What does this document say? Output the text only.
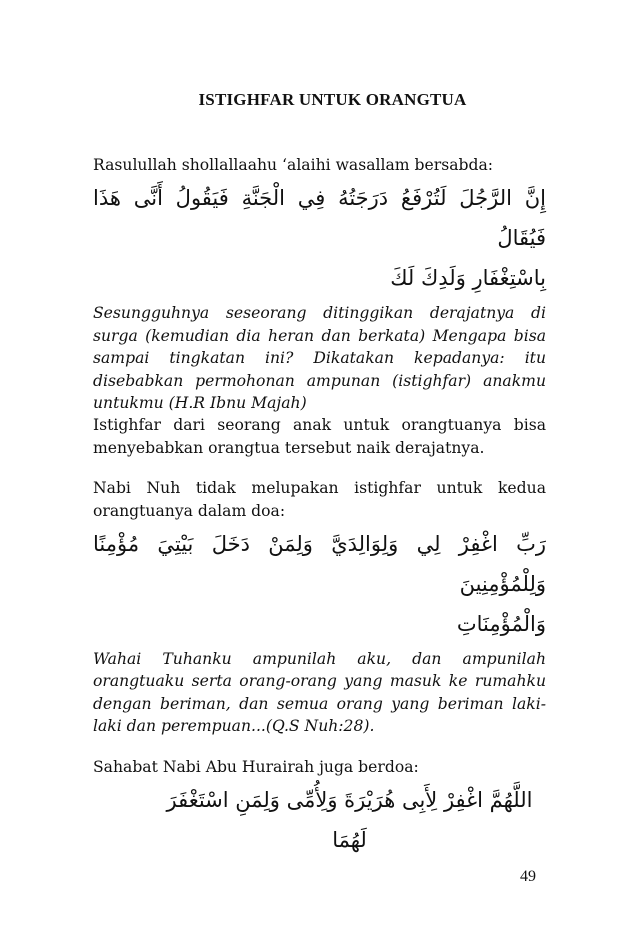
ISTIGHFAR UNTUK ORANGTUA

Rasulullah shollallaahu ‘alaihi wasallam bersabda:

إِنَّ الرَّجُلَ لَتُرْفَعُ دَرَجَتُهُ فِي الْجَنَّةِ فَيَقُولُ أَنَّى هَذَا فَيُقَالُ
بِاسْتِغْفَارِ وَلَدِكَ لَكَ

Sesungguhnya seseorang ditinggikan derajatnya di surga (kemudian dia heran dan berkata) Mengapa bisa sampai tingkatan ini? Dikatakan kepadanya: itu disebabkan permohonan ampunan (istighfar) anakmu untukmu (H.R Ibnu Majah)

Istighfar dari seorang anak untuk orangtuanya bisa menyebabkan orangtua tersebut naik derajatnya.

Nabi Nuh tidak melupakan istighfar untuk kedua orangtuanya dalam doa:

رَبِّ اغْفِرْ لِي وَلِوَالِدَيَّ وَلِمَنْ دَخَلَ بَيْتِيَ مُؤْمِنًا وَلِلْمُؤْمِنِينَ
وَالْمُؤْمِنَاتِ

Wahai Tuhanku ampunilah aku, dan ampunilah orangtuaku serta orang-orang yang masuk ke rumahku dengan beriman, dan semua orang yang beriman laki-laki dan perempuan...(Q.S Nuh:28).

Sahabat Nabi Abu Hurairah juga berdoa:

اللَّهُمَّ اغْفِرْ لِأَبِى هُرَيْرَةَ وَلِأُمِّى وَلِمَنِ اسْتَغْفَرَ لَهُمَا
49
